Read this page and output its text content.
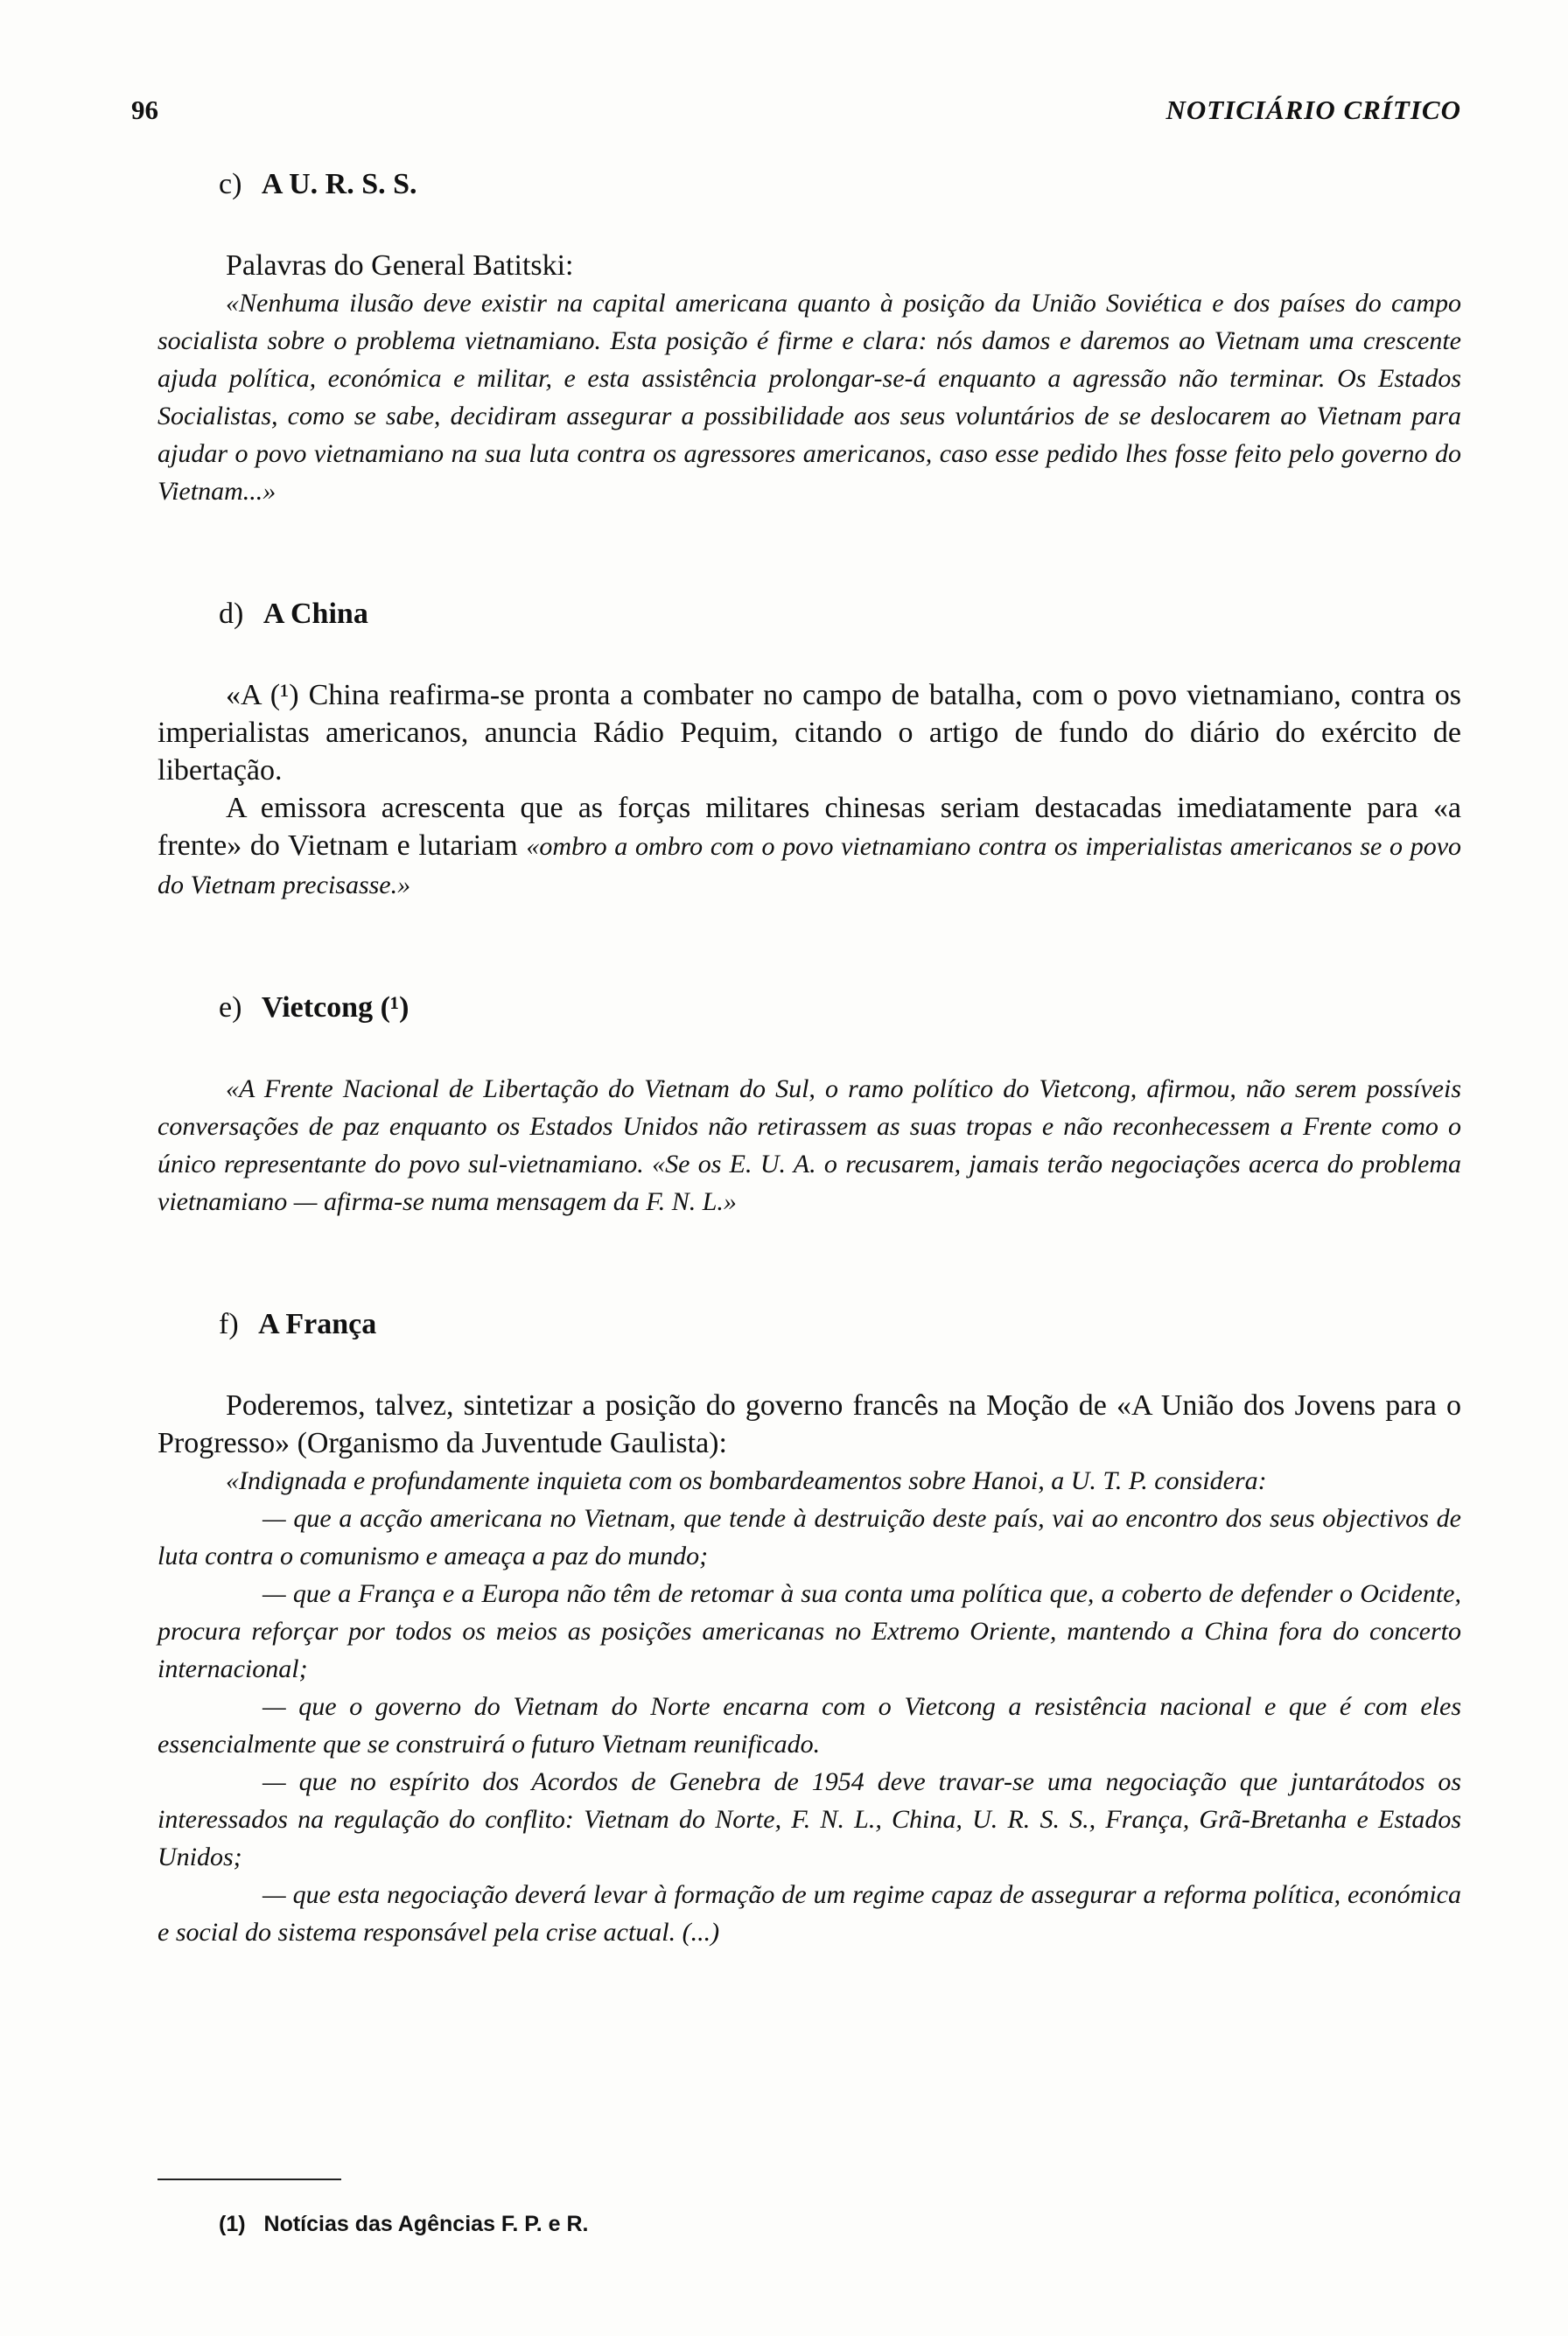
96	NOTICIÁRIO CRÍTICO
c) A U. R. S. S.

Palavras do General Batitski:

«Nenhuma ilusão deve existir na capital americana quanto à posição da União Soviética e dos países do campo socialista sobre o problema vietnamiano. Esta posição é firme e clara: nós damos e daremos ao Vietnam uma crescente ajuda política, económica e militar, e esta assistência prolongar-se-á enquanto a agressão não terminar. Os Estados Socialistas, como se sabe, decidiram assegurar a possibilidade aos seus voluntários de se deslocarem ao Vietnam para ajudar o povo vietnamiano na sua luta contra os agressores americanos, caso esse pedido lhes fosse feito pelo governo do Vietnam...»

d) A China

«A (¹) China reafirma-se pronta a combater no campo de batalha, com o povo vietnamiano, contra os imperialistas americanos, anuncia Rádio Pequim, citando o artigo de fundo do diário do exército de libertação.

A emissora acrescenta que as forças militares chinesas seriam destacadas imediatamente para «a frente» do Vietnam e lutariam «ombro a ombro com o povo vietnamiano contra os imperialistas americanos se o povo do Vietnam precisasse.»

e) Vietcong (¹)

«A Frente Nacional de Libertação do Vietnam do Sul, o ramo político do Vietcong, afirmou, não serem possíveis conversações de paz enquanto os Estados Unidos não retirassem as suas tropas e não reconhecessem a Frente como o único representante do povo sul-vietnamiano. «Se os E. U. A. o recusarem, jamais terão negociações acerca do problema vietnamiano — afirma-se numa mensagem da F. N. L.»

f) A França

Poderemos, talvez, sintetizar a posição do governo francês na Moção de «A União dos Jovens para o Progresso» (Organismo da Juventude Gaulista):

«Indignada e profundamente inquieta com os bombardeamentos sobre Hanoi, a U. T. P. considera:

— que a acção americana no Vietnam, que tende à destruição deste país, vai ao encontro dos seus objectivos de luta contra o comunismo e ameaça a paz do mundo;

— que a França e a Europa não têm de retomar à sua conta uma política que, a coberto de defender o Ocidente, procura reforçar por todos os meios as posições americanas no Extremo Oriente, mantendo a China fora do concerto internacional;

— que o governo do Vietnam do Norte encarna com o Vietcong a resistência nacional e que é com eles essencialmente que se construirá o futuro Vietnam reunificado.

— que no espírito dos Acordos de Genebra de 1954 deve travar-se uma negociação que juntarátodos os interessados na regulação do conflito: Vietnam do Norte, F. N. L., China, U. R. S. S., França, Grã-Bretanha e Estados Unidos;

— que esta negociação deverá levar à formação de um regime capaz de assegurar a reforma política, económica e social do sistema responsável pela crise actual. (...)

(1) Notícias das Agências F. P. e R.
